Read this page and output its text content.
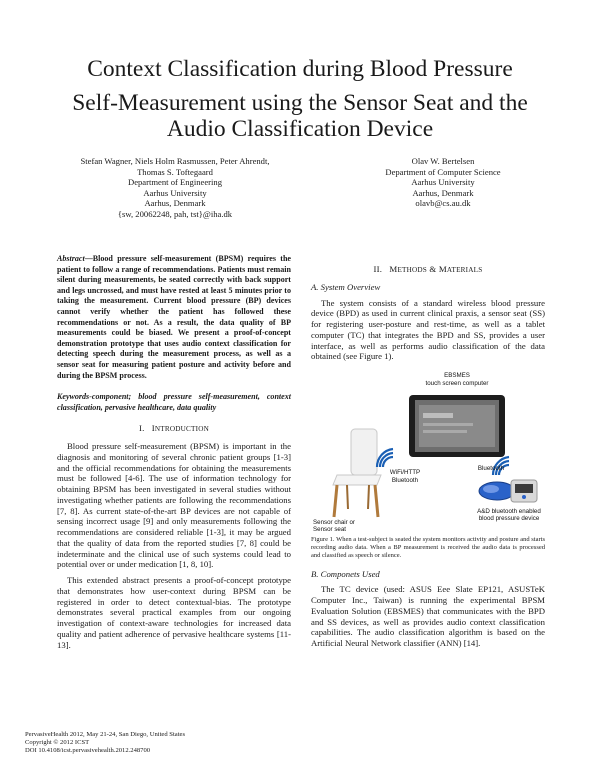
Context Classification during Blood Pressure
Self-Measurement using the Sensor Seat and the
Audio Classification Device
Stefan Wagner, Niels Holm Rasmussen, Peter Ahrendt,
Thomas S. Toftegaard
Department of Engineering
Aarhus University
Aarhus, Denmark
{sw, 20062248, pah, tst}@iha.dk
Olav W. Bertelsen
Department of Computer Science
Aarhus University
Aarhus, Denmark
olavb@cs.au.dk
Abstract—Blood pressure self-measurement (BPSM) requires the patient to follow a range of recommendations. Patients must remain silent during measurements, be seated correctly with back support and legs uncrossed, and must have rested at least 5 minutes prior to taking the measurement. Current blood pressure (BP) devices cannot verify whether the patient has followed these recommendations or not. As a result, the data quality of BP measurements could be biased. We present a proof-of-concept demonstration prototype that uses audio context classification for detecting speech during the measurement process, as well as a sensor seat for measuring patient posture and activity before and during the BPSM process.
Keywords-component; blood pressure self-measurement, context classification, pervasive healthcare, data quality
I. INTRODUCTION

Blood pressure self-measurement (BPSM) is important in the diagnosis and monitoring of several chronic patient groups [1-3] and the official recommendations for obtaining the measurements must be followed [4-6]. The use of information technology for obtaining BPSM has been investigated in several studies without investigating whether patients are following the recommendations [7, 8]. As current state-of-the-art BP devices are not capable of sensing incorrect usage [9] and only measurements following the recommendations are considered reliable [1-3], it may be argued that the quality of data from the reported studies [7, 8] could be indeterminate and the clinical use of such systems could lead to potential over or under medication [1, 8, 10].

This extended abstract presents a proof-of-concept prototype that demonstrates how user-context during BPSM can be registered in order to detect contextual-bias. The prototype demonstrates several practical examples from our ongoing investigation of context-aware technologies for increased data quality and patient adherence of pervasive healthcare systems [11-13].

II. METHODS & MATERIALS
A. System Overview

The system consists of a standard wireless blood pressure device (BPD) as used in current clinical praxis, a sensor seat (SS) for registering user-posture and rest-time, as well as a tablet computer (TC) that integrates the BPD and SS, provides a user interface, as well as performs audio classification of the data obtained (see Figure 1).

EBSMES
touch screen computer
WiFi/HTTP
Bluetooth
Bluetooth
Sensor chair or
Sensor seat
A&D bluetooth enabled
blood pressure device
Figure 1. When a test-subject is seated the system monitors activity and posture and starts recording audio data. When a BP measurement is received the audio data is processed and classified as speech or silence.
B. Componets Used

The TC device (used: ASUS Eee Slate EP121, ASUSTeK Computer Inc., Taiwan) is running the experimental BPSM Evaluation Solution (EBSMES) that communicates with the BPD and SS devices, as well as provides audio context classification capabilities. The audio classification algorithm is based on the Artificial Neural Network classifier (ANN) [14].

PervasiveHealth 2012, May 21-24, San Diego, United States
Copyright © 2012 ICST
DOI 10.4108/icst.pervasivehealth.2012.248700
